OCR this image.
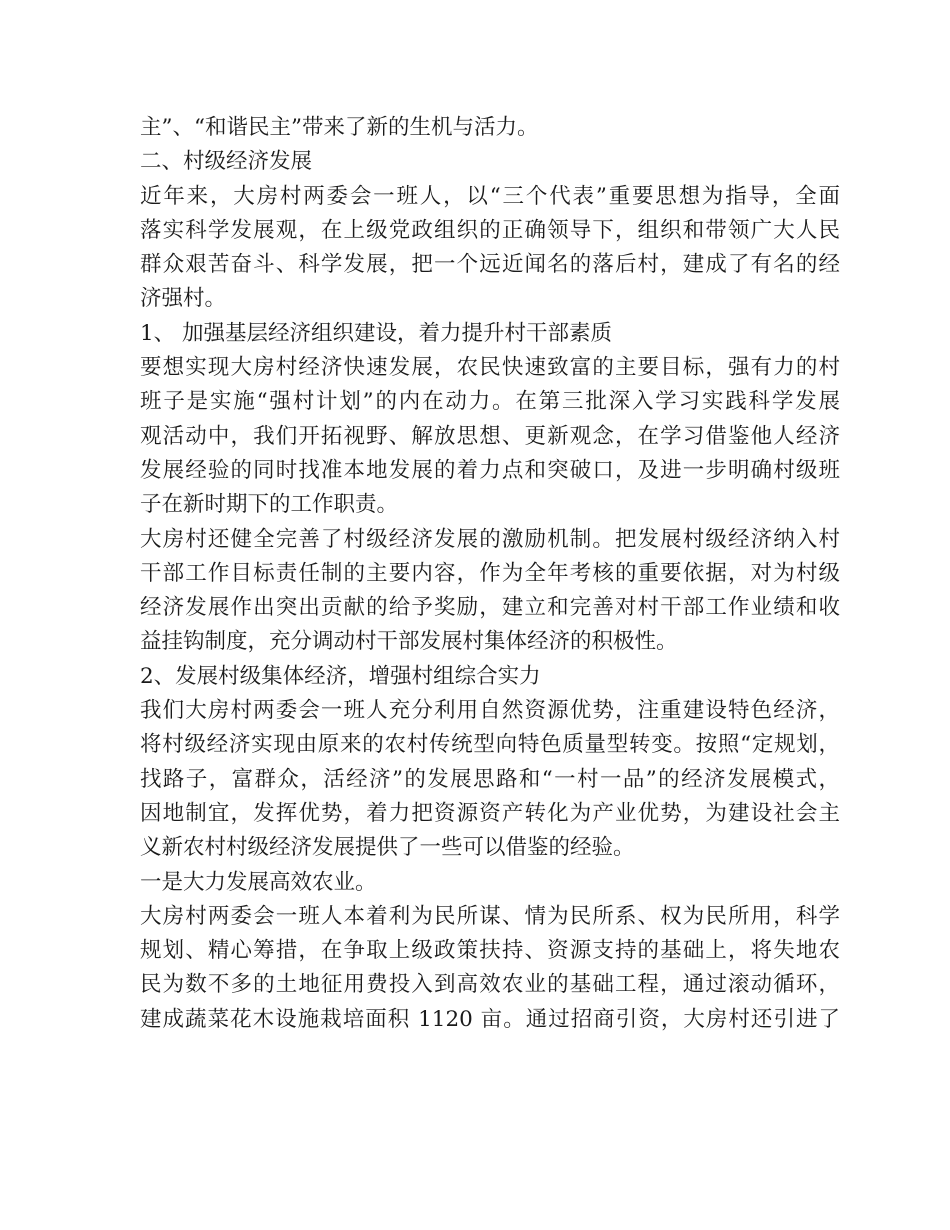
主”、“和谐民主”带来了新的生机与活力。
二、村级经济发展
近年来，大房村两委会一班人，以“三个代表”重要思想为指导，全面
落实科学发展观，在上级党政组织的正确领导下，组织和带领广大人民
群众艰苦奋斗、科学发展，把一个远近闻名的落后村，建成了有名的经
济强村。
1、 加强基层经济组织建设，着力提升村干部素质
要想实现大房村经济快速发展，农民快速致富的主要目标，强有力的村
班子是实施“强村计划”的内在动力。在第三批深入学习实践科学发展
观活动中，我们开拓视野、解放思想、更新观念，在学习借鉴他人经济
发展经验的同时找准本地发展的着力点和突破口，及进一步明确村级班
子在新时期下的工作职责。
大房村还健全完善了村级经济发展的激励机制。把发展村级经济纳入村
干部工作目标责任制的主要内容，作为全年考核的重要依据，对为村级
经济发展作出突出贡献的给予奖励，建立和完善对村干部工作业绩和收
益挂钩制度，充分调动村干部发展村集体经济的积极性。
2、发展村级集体经济，增强村组综合实力
我们大房村两委会一班人充分利用自然资源优势，注重建设特色经济，
将村级经济实现由原来的农村传统型向特色质量型转变。按照“定规划，
找路子，富群众，活经济”的发展思路和“一村一品”的经济发展模式，
因地制宜，发挥优势，着力把资源资产转化为产业优势，为建设社会主
义新农村村级经济发展提供了一些可以借鉴的经验。
一是大力发展高效农业。
大房村两委会一班人本着利为民所谋、情为民所系、权为民所用，科学
规划、精心筹措，在争取上级政策扶持、资源支持的基础上，将失地农
民为数不多的土地征用费投入到高效农业的基础工程，通过滚动循环，
建成蔬菜花木设施栽培面积 1120 亩。通过招商引资，大房村还引进了
